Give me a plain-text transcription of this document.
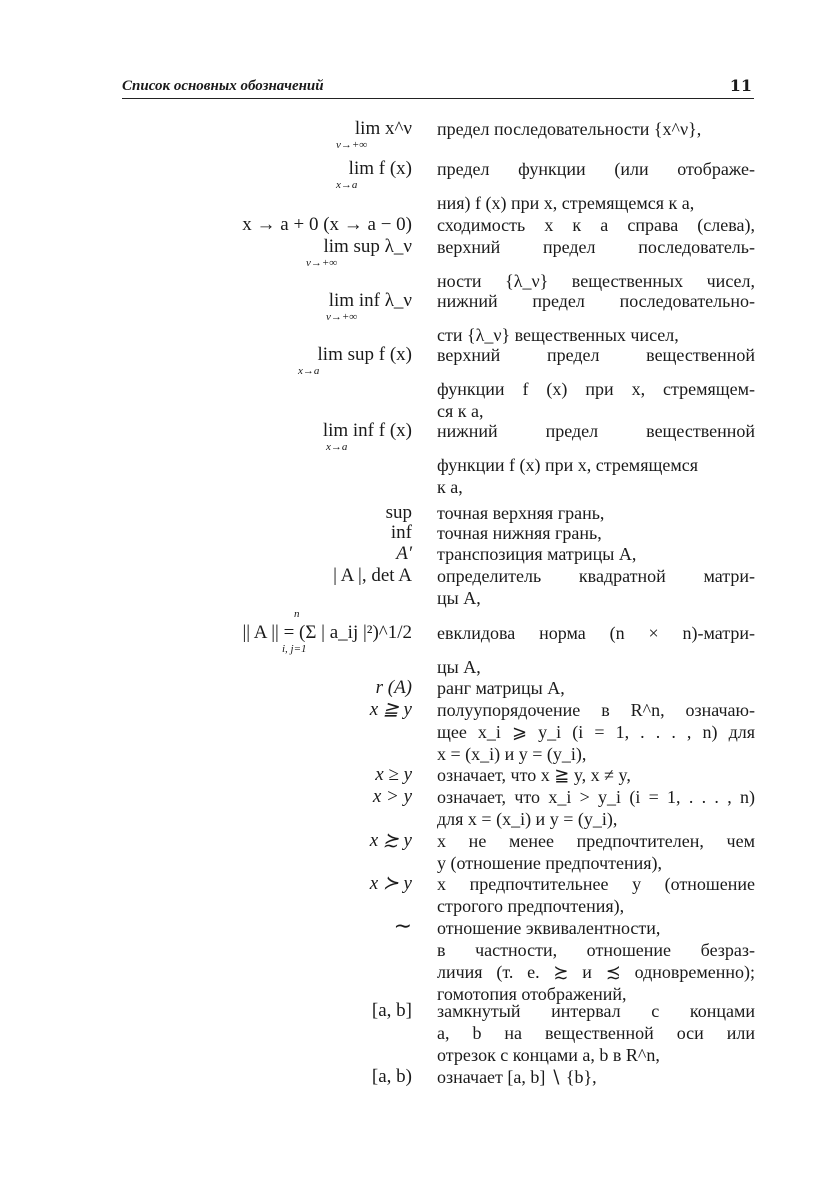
Список основных обозначений	11
lim x^ν
ν→+∞
предел последовательности {x^ν},
lim f (x)
x→a
предел функции (или отображе-
ния) f (x) при x, стремящемся к a,
x → a + 0 (x → a − 0) сходимость x к a справа (слева),
lim sup λ_ν
ν→+∞
верхний предел последователь-
ности {λ_ν} вещественных чисел,
lim inf λ_ν
ν→+∞
нижний предел последовательно-
сти {λ_ν} вещественных чисел,
lim sup f (x)
x→a
верхний предел вещественной
функции f (x) при x, стремящем-
ся к a,
lim inf f (x)
x→a
нижний предел вещественной
функции f (x) при x, стремящемся
к a,
sup точная верхняя грань,
inf точная нижняя грань,
A′ транспозиция матрицы A,
| A |, det A определитель квадратной матри-
цы A,
n
|| A || = (Σ | a_ij |²)^1/2
i, j=1
евклидова норма (n × n)-матри-
цы A,
r (A) ранг матрицы A,
x ≧ y полуупорядочение в R^n, означаю-
щее x_i ⩾ y_i (i = 1, . . . , n) для
x = (x_i) и y = (y_i),
x ≥ y означает, что x ≧ y, x ≠ y,
x > y означает, что x_i > y_i (i = 1, . . . , n)
для x = (x_i) и y = (y_i),
x ≿ y x не менее предпочтителен, чем
y (отношение предпочтения),
x ≻ y x предпочтительнее y (отношение
строгого предпочтения),
∼ отношение эквивалентности,
в частности, отношение безраз-
личия (т. е. ≿ и ≾ одновременно);
гомотопия отображений,
[a, b] замкнутый интервал с концами
a, b на вещественной оси или
отрезок с концами a, b в R^n,
[a, b) означает [a, b] ∖ {b},
